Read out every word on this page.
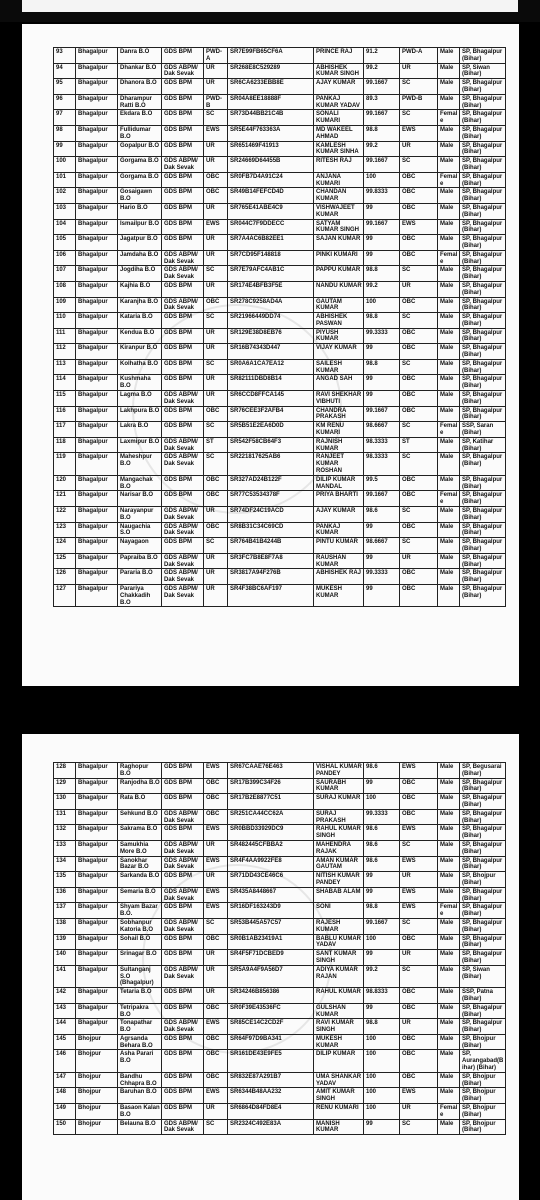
93	Bhagalpur	Danra B.O	GDS BPM	PWD-A	SR7E99FB65CF6A	PRINCE RAJ	91.2	PWD-A	Male	SP, Bhagalpur (Bihar)
94	Bhagalpur	Dhankar B.O	GDS ABPM/ Dak Sevak	UR	SR268E8C529289	ABHISHEK KUMAR SINGH	99.2	UR	Male	SP, Siwan (Bihar)
95	Bhagalpur	Dhanora B.O	GDS BPM	UR	SR6CA6233EBB8E	AJAY KUMAR	99.1667	SC	Male	SP, Bhagalpur (Bihar)
96	Bhagalpur	Dharampur Ratti B.O	GDS BPM	PWD-B	SR04A8EE18888F	PANKAJ KUMAR YADAV	89.3	PWD-B	Male	SP, Bhagalpur (Bihar)
97	Bhagalpur	Ekdara B.O	GDS BPM	SC	SR73D44BB21C4B	SONALI KUMARI	99.1667	SC	Female	SP, Bhagalpur (Bihar)
98	Bhagalpur	Fullidumar B.O	GDS BPM	EWS	SR5E44F763363A	MD WAKEEL AHMAD	98.8	EWS	Male	SP, Bhagalpur (Bihar)
99	Bhagalpur	Gopalpur B.O	GDS BPM	UR	SR651469F41913	KAMLESH KUMAR SINHA	99.2	UR	Male	SP, Bhagalpur (Bihar)
100	Bhagalpur	Gorgama B.O	GDS ABPM/ Dak Sevak	UR	SR24669D64455B	RITESH RAJ	99.1667	SC	Male	SP, Bhagalpur (Bihar)
101	Bhagalpur	Gorgama B.O	GDS BPM	OBC	SR0FB7D4A91C24	ANJANA KUMARI	100	OBC	Female	SP, Bhagalpur (Bihar)
102	Bhagalpur	Gosaigawn B.O	GDS BPM	OBC	SR49B14FEFCD4D	CHANDAN KUMAR	99.8333	OBC	Male	SP, Bhagalpur (Bihar)
103	Bhagalpur	Hario B.O	GDS BPM	UR	SR765E41ABE4C9	VISHWAJEET KUMAR	99	OBC	Male	SP, Bhagalpur (Bihar)
104	Bhagalpur	Ismailpur B.O	GDS BPM	EWS	SR044C7F9DDECC	SATYAM KUMAR SINGH	99.1667	EWS	Male	SP, Bhagalpur (Bihar)
105	Bhagalpur	Jagatpur B.O	GDS BPM	UR	SR7A4AC6B82EE1	SAJAN KUMAR	99	OBC	Male	SP, Bhagalpur (Bihar)
106	Bhagalpur	Jamdaha B.O	GDS ABPM/ Dak Sevak	UR	SR7CD95F148818	PINKI KUMARI	99	OBC	Female	SP, Bhagalpur (Bihar)
107	Bhagalpur	Jogdiha B.O	GDS ABPM/ Dak Sevak	SC	SR7E79AFC4AB1C	PAPPU KUMAR	98.8	SC	Male	SP, Bhagalpur (Bihar)
108	Bhagalpur	Kajhia B.O	GDS BPM	UR	SR174E4BFB3F5E	NANDU KUMAR	99.2	UR	Male	SP, Bhagalpur (Bihar)
109	Bhagalpur	Karanjha B.O	GDS ABPM/ Dak Sevak	OBC	SR278C9258AD4A	GAUTAM KUMAR	100	OBC	Male	SP, Bhagalpur (Bihar)
110	Bhagalpur	Kataria B.O	GDS BPM	SC	SR21966449DD74	ABHISHEK PASWAN	98.8	SC	Male	SP, Bhagalpur (Bihar)
111	Bhagalpur	Kendua B.O	GDS BPM	UR	SR129E38D8EB76	PIYUSH KUMAR	99.3333	OBC	Male	SP, Bhagalpur (Bihar)
112	Bhagalpur	Kiranpur B.O	GDS BPM	UR	SR16B74343D447	VIJAY KUMAR	99	OBC	Male	SP, Bhagalpur (Bihar)
113	Bhagalpur	Kolhatha B.O	GDS BPM	SC	SR0A6A1CA7EA12	SAILESH KUMAR	98.8	SC	Male	SP, Bhagalpur (Bihar)
114	Bhagalpur	Kushmaha B.O	GDS BPM	UR	SR82111DBD8B14	ANGAD SAH	99	OBC	Male	SP, Bhagalpur (Bihar)
115	Bhagalpur	Lagma B.O	GDS ABPM/ Dak Sevak	UR	SR6CCD8FFCA145	RAVI SHEKHAR VIBHUTI	99	OBC	Male	SP, Bhagalpur (Bihar)
116	Bhagalpur	Lakhpura B.O	GDS BPM	OBC	SR76CEE3F2AFB4	CHANDRA PRAKASH	99.1667	OBC	Male	SP, Bhagalpur (Bihar)
117	Bhagalpur	Lakra B.O	GDS BPM	SC	SR5B51E2EA6D0D	KM RENU KUMARI	98.6667	SC	Female	SSP, Saran (Bihar)
118	Bhagalpur	Laxmipur B.O	GDS ABPM/ Dak Sevak	ST	SR542F58CB64F3	RAJNISH KUMAR	98.3333	ST	Male	SP, Katihar (Bihar)
119	Bhagalpur	Maheshpur B.O	GDS ABPM/ Dak Sevak	SC	SR221817625AB6	RANJEET KUMAR ROSHAN	98.3333	SC	Male	SP, Bhagalpur (Bihar)
120	Bhagalpur	Mangachak B.O	GDS BPM	OBC	SR327AD24B122F	DILIP KUMAR MANDAL	99.5	OBC	Male	SP, Bhagalpur (Bihar)
121	Bhagalpur	Narisar B.O	GDS BPM	OBC	SR77C53534378F	PRIYA BHARTI	99.1667	OBC	Female	SP, Bhagalpur (Bihar)
122	Bhagalpur	Narayanpur B.O	GDS ABPM/ Dak Sevak	UR	SR74DF24C19ACD	AJAY KUMAR	98.6	SC	Male	SP, Bhagalpur (Bihar)
123	Bhagalpur	Naugachia S.O	GDS ABPM/ Dak Sevak	OBC	SR8B31C34C69CD	PANKAJ KUMAR	99	OBC	Male	SP, Bhagalpur (Bihar)
124	Bhagalpur	Nayagaon	GDS BPM	SC	SR764B41B4244B	PINTU KUMAR	98.6667	SC	Male	SP, Bhagalpur (Bihar)
125	Bhagalpur	Papraiba B.O	GDS ABPM/ Dak Sevak	UR	SR3FC7B8E8F7A8	RAUSHAN KUMAR	99	UR	Male	SP, Bhagalpur (Bihar)
126	Bhagalpur	Pararia B.O	GDS ABPM/ Dak Sevak	UR	SR3817A94F276B	ABHISHEK RAJ	99.3333	OBC	Male	SP, Bhagalpur (Bihar)
127	Bhagalpur	Parariya Chakkadih B.O	GDS ABPM/ Dak Sevak	UR	SR4F38BC6AF197	MUKESH KUMAR	99	OBC	Male	SP, Bhagalpur (Bihar)
128	Bhagalpur	Raghopur B.O	GDS BPM	EWS	SR67CAAE76E463	VISHAL KUMAR PANDEY	98.6	EWS	Male	SP, Begusarai (Bihar)
129	Bhagalpur	Ranjodha B.O	GDS BPM	OBC	SR17B399C34F26	SAURABH KUMAR	99	OBC	Male	SP, Bhagalpur (Bihar)
130	Bhagalpur	Rata B.O	GDS BPM	OBC	SR17B2E8877C51	SURAJ KUMAR	100	OBC	Male	SP, Bhagalpur (Bihar)
131	Bhagalpur	Sehkund B.O	GDS ABPM/ Dak Sevak	OBC	SR251CA44CC62A	SURAJ PRAKASH	99.3333	OBC	Male	SP, Bhagalpur (Bihar)
132	Bhagalpur	Sakrama B.O	GDS BPM	EWS	SR0BBD33929DC9	RAHUL KUMAR SINGH	98.6	EWS	Male	SP, Bhagalpur (Bihar)
133	Bhagalpur	Samukhia More B.O	GDS ABPM/ Dak Sevak	UR	SR482445CFBBA2	MAHENDRA RAJAK	98.6	SC	Male	SP, Bhagalpur (Bihar)
134	Bhagalpur	Sanokhar Bazar B.O	GDS ABPM/ Dak Sevak	EWS	SR4F4AA9922FE8	AMAN KUMAR GAUTAM	98.6	EWS	Male	SP, Bhagalpur (Bihar)
135	Bhagalpur	Sarkanda B.O	GDS BPM	UR	SR71DD43CE46C6	NITISH KUMAR PANDEY	99	UR	Male	SP, Bhojpur (Bihar)
136	Bhagalpur	Semaria B.O	GDS ABPM/ Dak Sevak	EWS	SR435A8448667	SHABAB ALAM	99	EWS	Male	SP, Bhagalpur (Bihar)
137	Bhagalpur	Shyam Bazar B.O.	GDS BPM	EWS	SR16DF163243D9	SONI	98.8	EWS	Female	SP, Bhagalpur (Bihar)
138	Bhagalpur	Sobhanpur Katoria B.O	GDS ABPM/ Dak Sevak	SC	SR53B445A57C57	RAJESH KUMAR	99.1667	SC	Male	SP, Bhagalpur (Bihar)
139	Bhagalpur	Sohail B.O	GDS BPM	OBC	SR0B1AB23419A1	BABLU KUMAR YADAV	100	OBC	Male	SP, Bhagalpur (Bihar)
140	Bhagalpur	Srinagar B.O	GDS BPM	UR	SR4F5F71DCBED9	SANT KUMAR SINGH	99	UR	Male	SP, Bhagalpur (Bihar)
141	Bhagalpur	Sultanganj S.O (Bhagalpur)	GDS ABPM/ Dak Sevak	UR	SR5A9A4F9A56D7	ADIYA KUMAR RAJAN	99.2	SC	Male	SP, Siwan (Bihar)
142	Bhagalpur	Tetaria B.O	GDS BPM	UR	SR34246B856386	RAHUL KUMAR	98.8333	OBC	Male	SSP, Patna (Bihar)
143	Bhagalpur	Tetripakra B.O	GDS BPM	OBC	SR0F39E43536FC	GULSHAN KUMAR	99	OBC	Male	SP, Bhagalpur (Bihar)
144	Bhagalpur	Tonapathar B.O	GDS ABPM/ Dak Sevak	EWS	SR85CE14C2CD2F	RAVI KUMAR SINGH	98.8	UR	Male	SP, Bhagalpur (Bihar)
145	Bhojpur	Agrsanda Behara B.O	GDS BPM	OBC	SR64F97D9BA341	MUKESH KUMAR	100	OBC	Male	SP, Bhojpur (Bihar)
146	Bhojpur	Asha Parari B.O	GDS BPM	OBC	SR161DE43E9FE5	DILIP KUMAR	100	OBC	Male	SP, Aurangabad(Bihar) (Bihar)
147	Bhojpur	Bandhu Chhapra B.O	GDS BPM	OBC	SR832E87A291B7	UMA SHANKAR YADAV	100	OBC	Male	SP, Bhojpur (Bihar)
148	Bhojpur	Baruhan B.O	GDS BPM	EWS	SR6344B48AA232	AMIT KUMAR SINGH	100	EWS	Male	SP, Bhojpur (Bihar)
149	Bhojpur	Basaon Kalan B.O	GDS BPM	UR	SR6864D84FD8E4	RENU KUMARI	100	UR	Female	SP, Bhojpur (Bihar)
150	Bhojpur	Belauna B.O	GDS ABPM/ Dak Sevak	SC	SR2324C492E83A	MANISH KUMAR	99	SC	Male	SP, Bhojpur (Bihar)
